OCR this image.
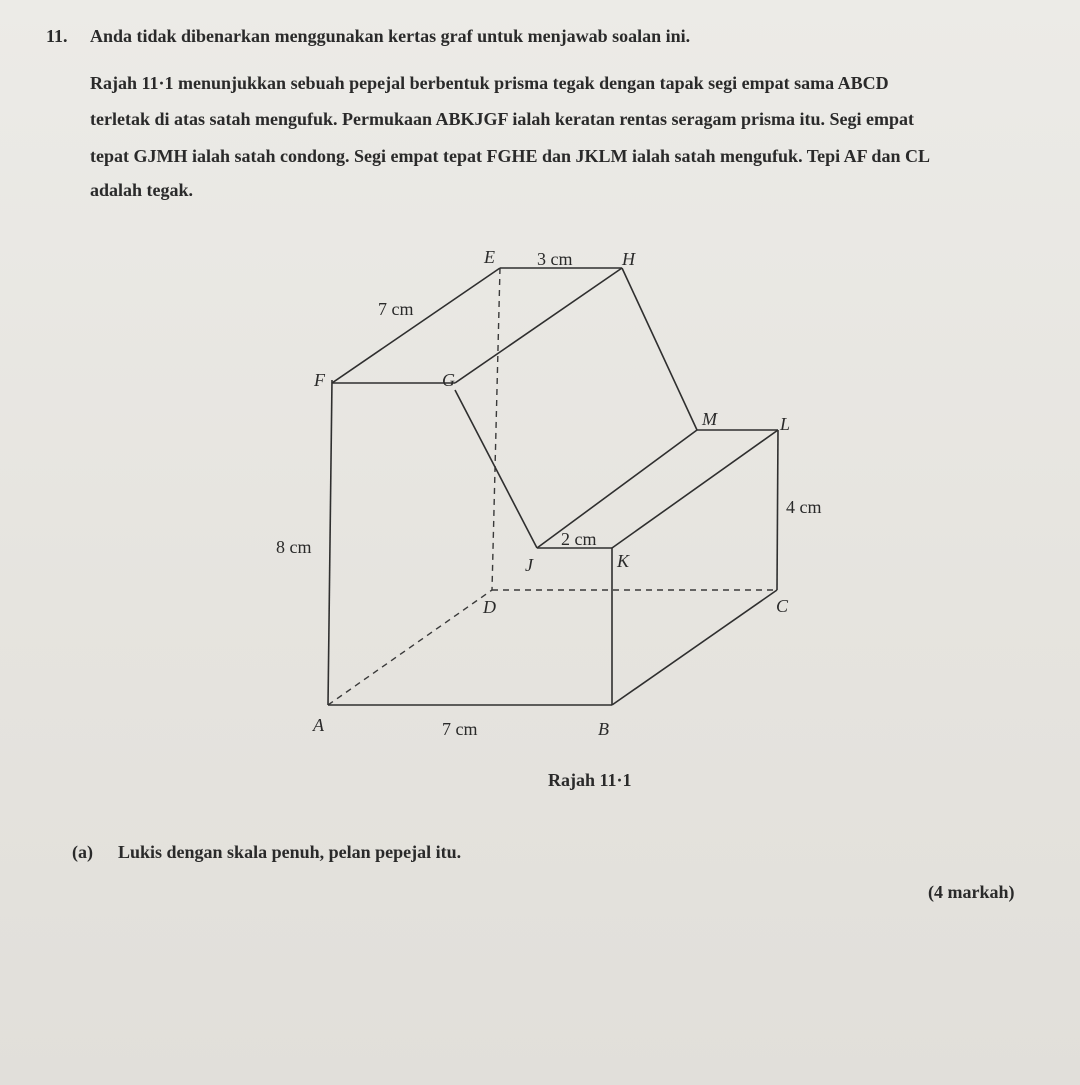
11. Anda tidak dibenarkan menggunakan kertas graf untuk menjawab soalan ini.
Rajah 11·1 menunjukkan sebuah pepejal berbentuk prisma tegak dengan tapak segi empat sama ABCD
terletak di atas satah mengufuk. Permukaan ABKJGF ialah keratan rentas seragam prisma itu. Segi empat
tepat GJMH ialah satah condong. Segi empat tepat FGHE dan JKLM ialah satah mengufuk. Tepi AF dan CL
adalah tegak.
E	H
F	G
M	L
J	K
D	C
A	B
3 cm
7 cm
8 cm
4 cm
2 cm
7 cm
Rajah 11·1
(a) Lukis dengan skala penuh, pelan pepejal itu.
(4 markah)
